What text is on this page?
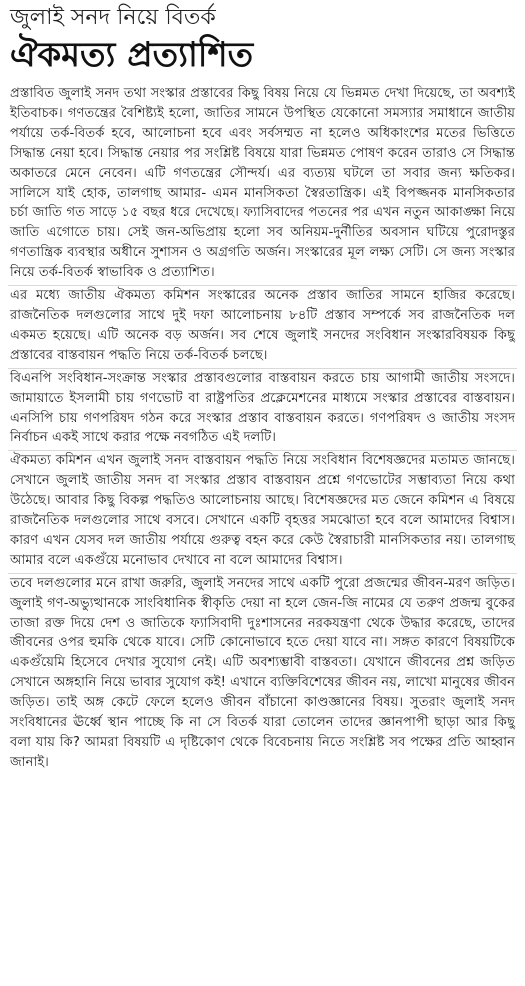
জুলাই সনদ নিয়ে বিতর্ক
ঐকমত্য প্রত্যাশিত

প্রস্তাবিত জুলাই সনদ তথা সংস্কার প্রস্তাবের কিছু বিষয় নিয়ে যে ভিন্নমত দেখা দিয়েছে, তা অবশ্যই ইতিবাচক। গণতন্ত্রের বৈশিষ্ট্যই হলো, জাতির সামনে উপস্থিত যেকোনো সমস্যার সমাধানে জাতীয় পর্যায়ে তর্ক-বিতর্ক হবে, আলোচনা হবে এবং সর্বসম্মত না হলেও অধিকাংশের মতের ভিত্তিতে সিদ্ধান্ত নেয়া হবে। সিদ্ধান্ত নেয়ার পর সংশ্লিষ্ট বিষয়ে যারা ভিন্নমত পোষণ করেন তারাও সে সিদ্ধান্ত অকাতরে মেনে নেবেন। এটি গণতন্ত্রের সৌন্দর্য। এর ব্যত্যয় ঘটলে তা সবার জন্য ক্ষতিকর। সালিসে যাই হোক, তালগাছ আমার- এমন মানসিকতা স্বৈরতান্ত্রিক। এই বিপজ্জনক মানসিকতার চর্চা জাতি গত সাড়ে ১৫ বছর ধরে দেখেছে। ফ্যাসিবাদের পতনের পর এখন নতুন আকাঙ্ক্ষা নিয়ে জাতি এগোতে চায়। সেই জন-অভিপ্রায় হলো সব অনিয়ম-দুর্নীতির অবসান ঘটিয়ে পুরোদস্তুর গণতান্ত্রিক ব্যবস্থার অধীনে সুশাসন ও অগ্রগতি অর্জন। সংস্কারের মূল লক্ষ্য সেটি। সে জন্য সংস্কার নিয়ে তর্ক-বিতর্ক স্বাভাবিক ও প্রত্যাশিত।

এর মধ্যে জাতীয় ঐকমত্য কমিশন সংস্কারের অনেক প্রস্তাব জাতির সামনে হাজির করেছে। রাজনৈতিক দলগুলোর সাথে দুই দফা আলোচনায় ৮৪টি প্রস্তাব সম্পর্কে সব রাজনৈতিক দল একমত হয়েছে। এটি অনেক বড় অর্জন। সব শেষে জুলাই সনদের সংবিধান সংস্কারবিষয়ক কিছু প্রস্তাবের বাস্তবায়ন পদ্ধতি নিয়ে তর্ক-বিতর্ক চলছে।

বিএনপি সংবিধান-সংক্রান্ত সংস্কার প্রস্তাবগুলোর বাস্তবায়ন করতে চায় আগামী জাতীয় সংসদে। জামায়াতে ইসলামী চায় গণভোট বা রাষ্ট্রপতির প্রক্লেমেশনের মাধ্যমে সংস্কার প্রস্তাবের বাস্তবায়ন। এনসিপি চায় গণপরিষদ গঠন করে সংস্কার প্রস্তাব বাস্তবায়ন করতে। গণপরিষদ ও জাতীয় সংসদ নির্বাচন একই সাথে করার পক্ষে নবগঠিত এই দলটি।

ঐকমত্য কমিশন এখন জুলাই সনদ বাস্তবায়ন পদ্ধতি নিয়ে সংবিধান বিশেষজ্ঞদের মতামত জানছে। সেখানে জুলাই জাতীয় সনদ বা সংস্কার প্রস্তাব বাস্তবায়ন প্রশ্নে গণভোটের সম্ভাব্যতা নিয়ে কথা উঠেছে। আবার কিছু বিকল্প পদ্ধতিও আলোচনায় আছে। বিশেষজ্ঞদের মত জেনে কমিশন এ বিষয়ে রাজনৈতিক দলগুলোর সাথে বসবে। সেখানে একটি বৃহত্তর সমঝোতা হবে বলে আমাদের বিশ্বাস। কারণ এখন যেসব দল জাতীয় পর্যায়ে গুরুত্ব বহন করে কেউ স্বৈরাচারী মানসিকতার নয়। তালগাছ আমার বলে একগুঁয়ে মনোভাব দেখাবে না বলে আমাদের বিশ্বাস।

তবে দলগুলোর মনে রাখা জরুরি, জুলাই সনদের সাথে একটি পুরো প্রজন্মের জীবন-মরণ জড়িত। জুলাই গণ-অভ্যুত্থানকে সাংবিধানিক স্বীকৃতি দেয়া না হলে জেন-জি নামের যে তরুণ প্রজন্ম বুকের তাজা রক্ত দিয়ে দেশ ও জাতিকে ফ্যাসিবাদী দুঃশাসনের নরকযন্ত্রণা থেকে উদ্ধার করেছে, তাদের জীবনের ওপর হুমকি থেকে যাবে। সেটি কোনোভাবে হতে দেয়া যাবে না। সঙ্গত কারণে বিষয়টিকে একগুঁয়েমি হিসেবে দেখার সুযোগ নেই। এটি অবশ্যম্ভাবী বাস্তবতা। যেখানে জীবনের প্রশ্ন জড়িত সেখানে অঙ্গহানি নিয়ে ভাবার সুযোগ কই! এখানে ব্যক্তিবিশেষের জীবন নয়, লাখো মানুষের জীবন জড়িত। তাই অঙ্গ কেটে ফেলে হলেও জীবন বাঁচানো কাণ্ডজ্ঞানের বিষয়। সুতরাং জুলাই সনদ সংবিধানের ঊর্ধ্বে স্থান পাচ্ছে কি না সে বিতর্ক যারা তোলেন তাদের জ্ঞানপাপী ছাড়া আর কিছু বলা যায় কি? আমরা বিষয়টি এ দৃষ্টিকোণ থেকে বিবেচনায় নিতে সংশ্লিষ্ট সব পক্ষের প্রতি আহ্বান জানাই।
